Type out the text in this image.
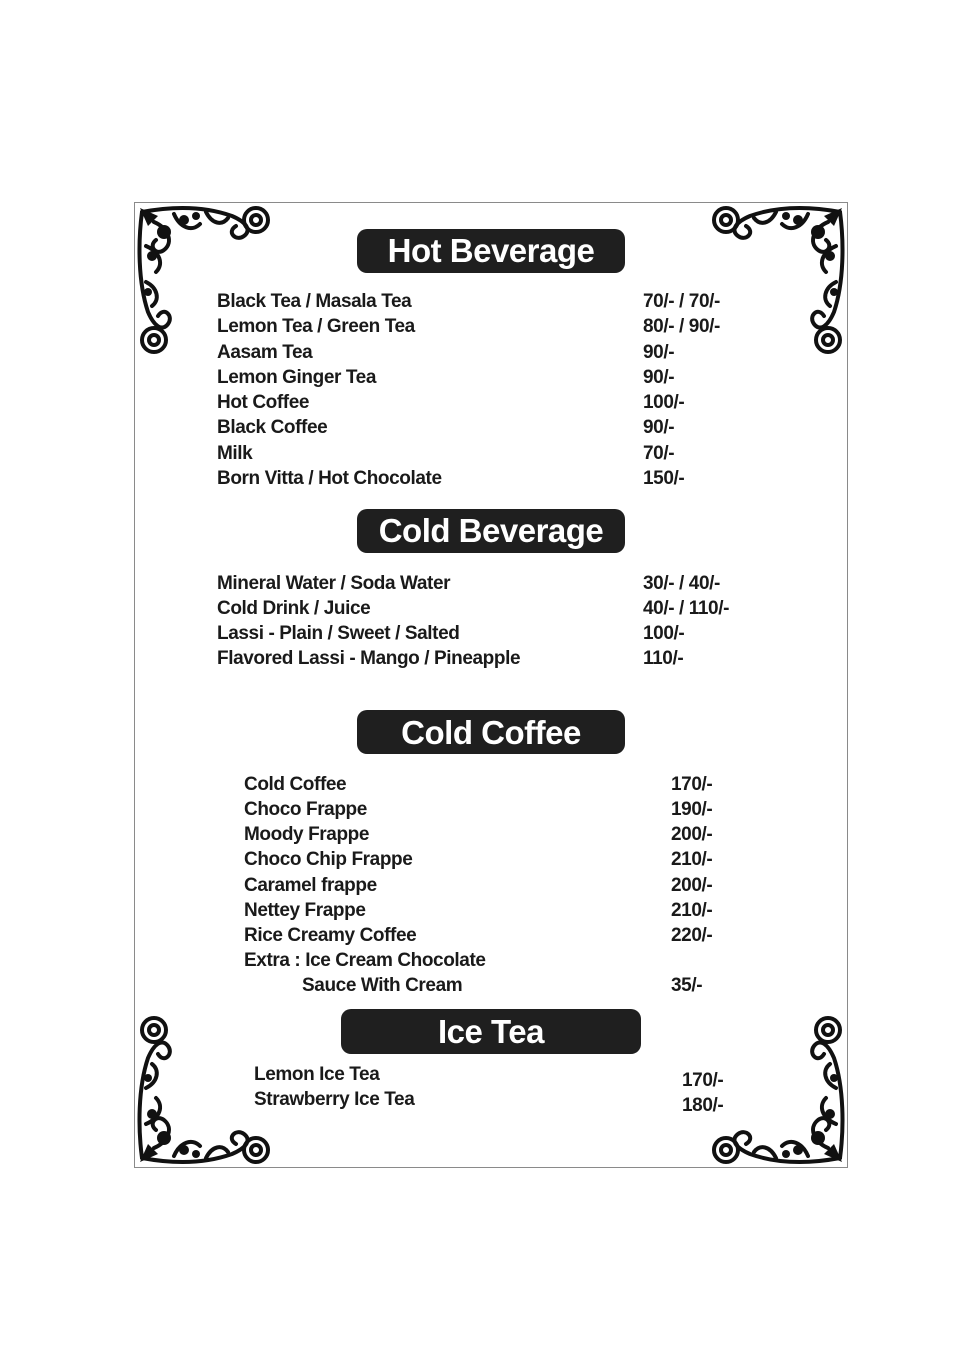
Hot Beverage
Black Tea / Masala Tea	70/- / 70/-
Lemon Tea / Green Tea	80/- / 90/-
Aasam Tea	90/-
Lemon Ginger Tea	90/-
Hot Coffee	100/-
Black Coffee	90/-
Milk	70/-
Born Vitta / Hot Chocolate	150/-
Cold Beverage
Mineral Water / Soda Water	30/- / 40/-
Cold Drink / Juice	40/- / 110/-
Lassi - Plain / Sweet / Salted	100/-
Flavored Lassi - Mango / Pineapple	110/-
Cold Coffee
Cold Coffee	170/-
Choco Frappe	190/-
Moody Frappe	200/-
Choco Chip Frappe	210/-
Caramel frappe	200/-
Nettey Frappe	210/-
Rice Creamy Coffee	220/-
Extra : Ice Cream Chocolate
Sauce With Cream	35/-
Ice Tea
Lemon Ice Tea	170/-
Strawberry Ice Tea	180/-
